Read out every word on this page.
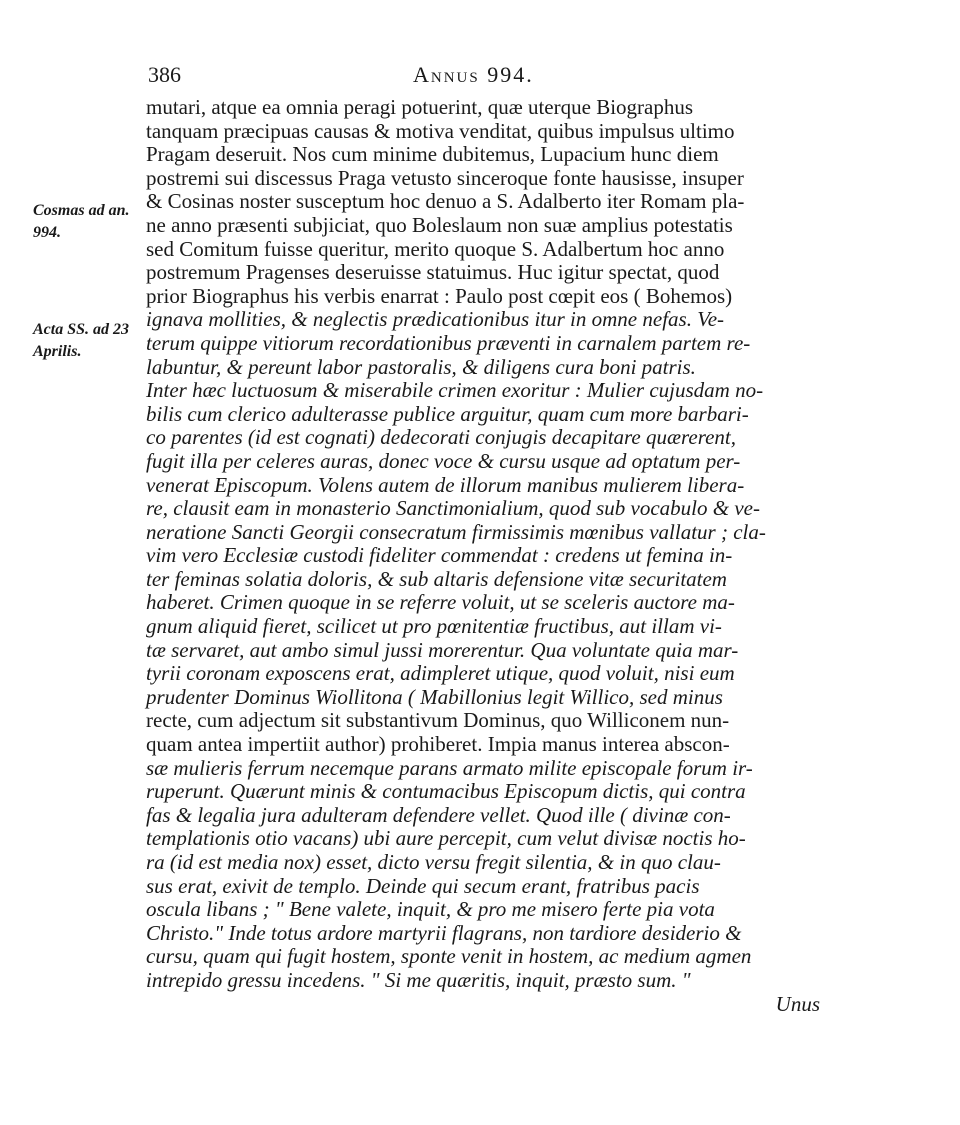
386	Annus 994.
Cosmas ad an.
994.
Acta SS. ad 23
Aprilis.
mutari, atque ea omnia peragi potuerint, quæ uterque Biographus
tanquam præcipuas causas & motiva venditat, quibus impulsus ultimo
Pragam deseruit. Nos cum minime dubitemus, Lupacium hunc diem
postremi sui discessus Praga vetusto sinceroque fonte hausisse, insuper
& Cosinas noster susceptum hoc denuo a S. Adalberto iter Romam pla-
ne anno præsenti subjiciat, quo Boleslaum non suæ amplius potestatis
sed Comitum fuisse queritur, merito quoque S. Adalbertum hoc anno
postremum Pragenses deseruisse statuimus. Huc igitur spectat, quod
prior Biographus his verbis enarrat : Paulo post cœpit eos ( Bohemos)
ignava mollities, & neglectis prædicationibus itur in omne nefas. Ve-
terum quippe vitiorum recordationibus præventi in carnalem partem re-
labuntur, & pereunt labor pastoralis, & diligens cura boni patris.
Inter hæc luctuosum & miserabile crimen exoritur : Mulier cujusdam no-
bilis cum clerico adulterasse publice arguitur, quam cum more barbari-
co parentes (id est cognati) dedecorati conjugis decapitare quærerent,
fugit illa per celeres auras, donec voce & cursu usque ad optatum per-
venerat Episcopum. Volens autem de illorum manibus mulierem libera-
re, clausit eam in monasterio Sanctimonialium, quod sub vocabulo & ve-
neratione Sancti Georgii consecratum firmissimis mœnibus vallatur ; cla-
vim vero Ecclesiæ custodi fideliter commendat : credens ut femina in-
ter feminas solatia doloris, & sub altaris defensione vitæ securitatem
haberet. Crimen quoque in se referre voluit, ut se sceleris auctore ma-
gnum aliquid fieret, scilicet ut pro pœnitentiæ fructibus, aut illam vi-
tæ servaret, aut ambo simul jussi morerentur. Qua voluntate quia mar-
tyrii coronam exposcens erat, adimpleret utique, quod voluit, nisi eum
prudenter Dominus Wiollitona ( Mabillonius legit Willico, sed minus
recte, cum adjectum sit substantivum Dominus, quo Williconem nun-
quam antea impertiit author) prohiberet. Impia manus interea abscon-
sæ mulieris ferrum necemque parans armato milite episcopale forum ir-
ruperunt. Quærunt minis & contumacibus Episcopum dictis, qui contra
fas & legalia jura adulteram defendere vellet. Quod ille ( divinæ con-
templationis otio vacans) ubi aure percepit, cum velut divisæ noctis ho-
ra (id est media nox) esset, dicto versu fregit silentia, & in quo clau-
sus erat, exivit de templo. Deinde qui secum erant, fratribus pacis
oscula libans ; " Bene valete, inquit, & pro me misero ferte pia vota
Christo." Inde totus ardore martyrii flagrans, non tardiore desiderio &
cursu, quam qui fugit hostem, sponte venit in hostem, ac medium agmen
intrepido gressu incedens. " Si me quæritis, inquit, præsto sum. "
Unus
